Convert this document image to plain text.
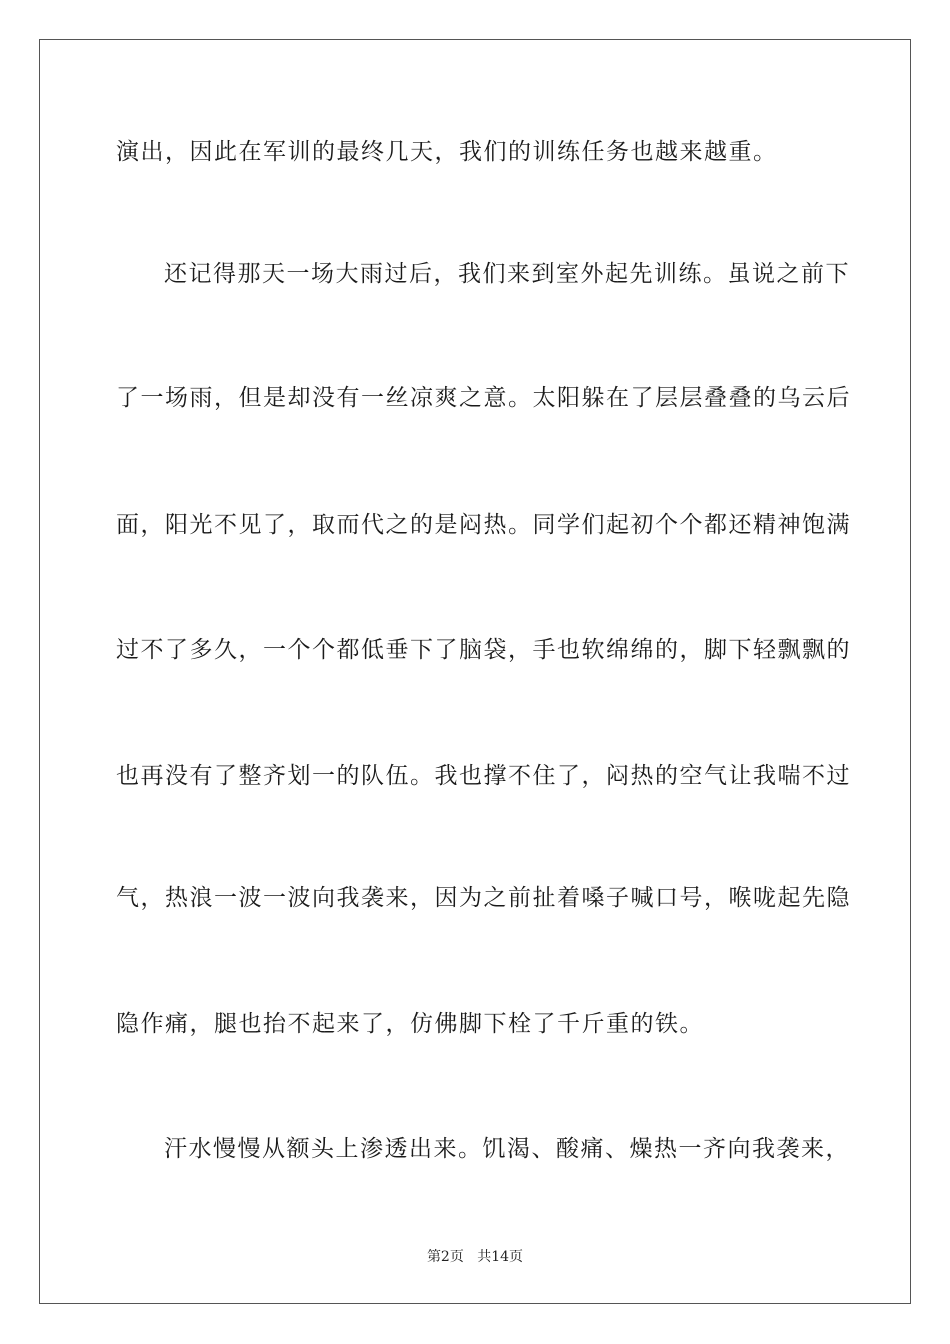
演出，因此在军训的最终几天，我们的训练任务也越来越重。
还记得那天一场大雨过后，我们来到室外起先训练。虽说之前下
了一场雨，但是却没有一丝凉爽之意。太阳躲在了层层叠叠的乌云后
面，阳光不见了，取而代之的是闷热。同学们起初个个都还精神饱满
过不了多久，一个个都低垂下了脑袋，手也软绵绵的，脚下轻飘飘的
也再没有了整齐划一的队伍。我也撑不住了，闷热的空气让我喘不过
气，热浪一波一波向我袭来，因为之前扯着嗓子喊口号，喉咙起先隐
隐作痛，腿也抬不起来了，仿佛脚下栓了千斤重的铁。
汗水慢慢从额头上渗透出来。饥渴、酸痛、燥热一齐向我袭来，
第2页 共14页
